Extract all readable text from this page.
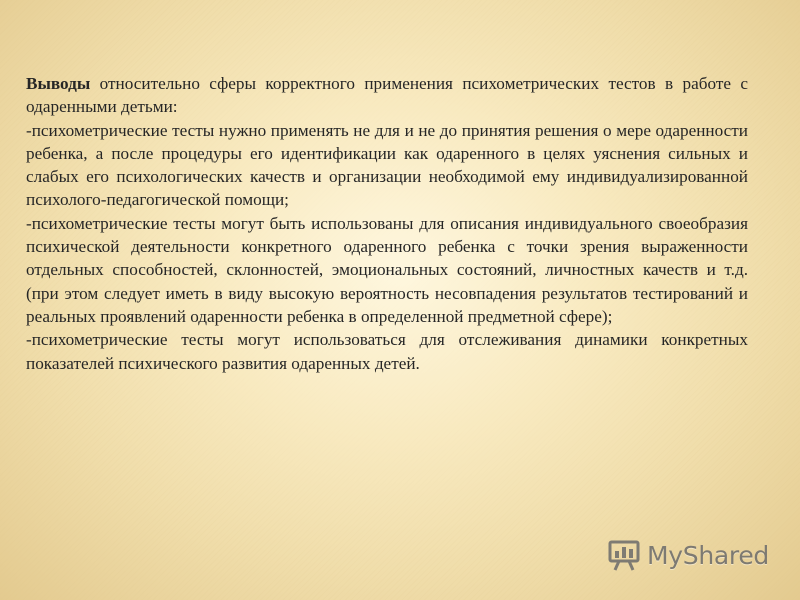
Выводы относительно сферы корректного применения психометрических тестов в работе с одаренными детьми:

-психометрические тесты нужно применять не для и не до принятия решения о мере одаренности ребенка, а после процедуры его идентификации как одаренного в целях уяснения сильных и слабых его психологических качеств и организации необходимой ему индивидуализированной психолого-педагогической помощи;

-психометрические тесты могут быть использованы для описания индивидуального своеобразия психической деятельности конкретного одаренного ребенка с точки зрения выраженности отдельных способностей, склонностей, эмоциональных состояний, личностных качеств и т.д. (при этом следует иметь в виду высокую вероятность несовпадения результатов тестирований и реальных проявлений одаренности ребенка в определенной предметной сфере);

-психометрические тесты могут использоваться для отслеживания динамики конкретных показателей психического развития одаренных детей.

MyShared
